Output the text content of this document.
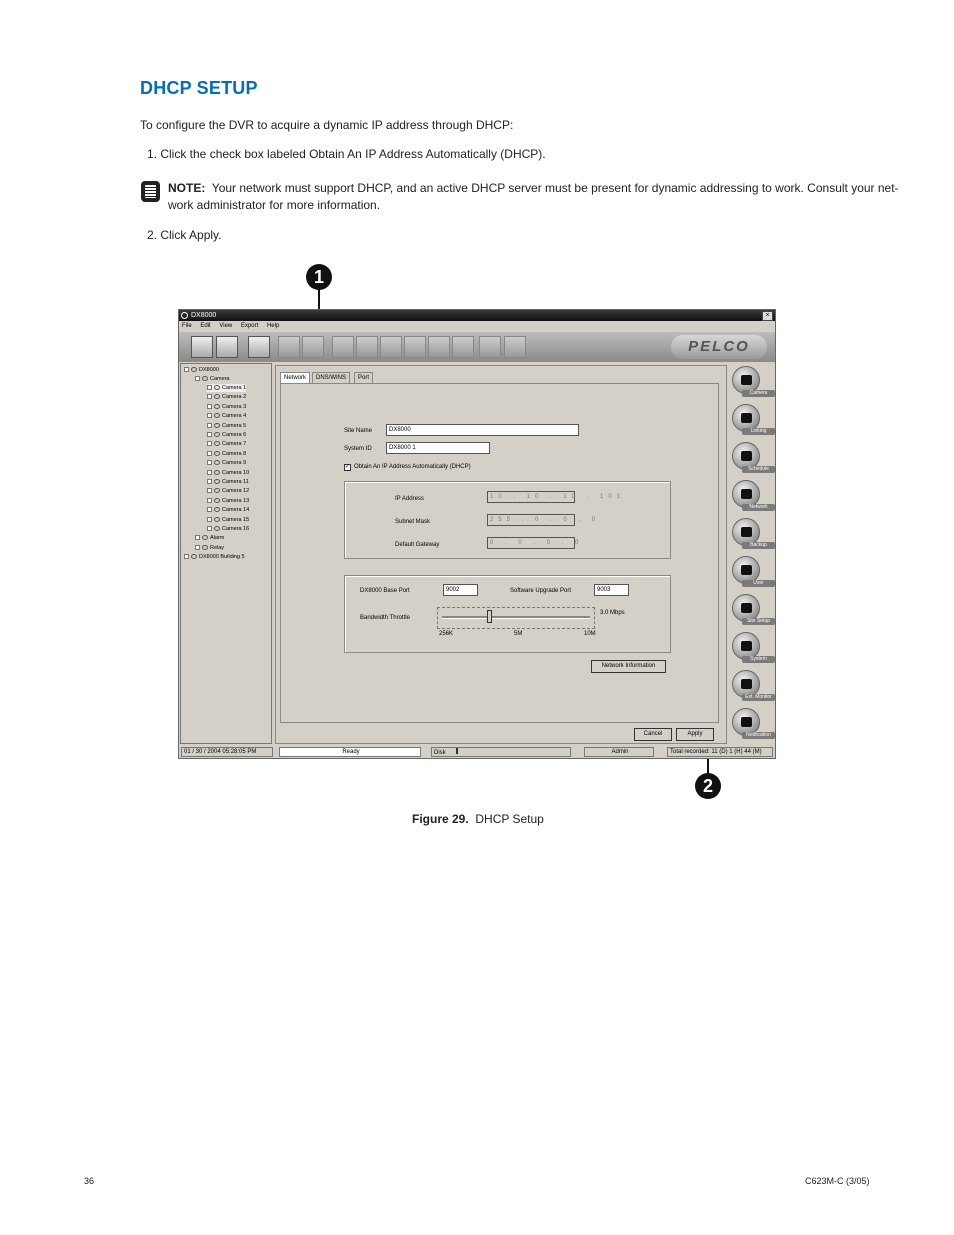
DHCP SETUP
To configure the DVR to acquire a dynamic IP address through DHCP:
1. Click the check box labeled Obtain An IP Address Automatically (DHCP).
NOTE: Your network must support DHCP, and an active DHCP server must be present for dynamic addressing to work. Consult your net-
work administrator for more information.
2. Click Apply.
1
2
DX8000	×
File Edit View Export Help
PELCO
DX8000
Camera
Camera 1
Camera 2
Camera 3
Camera 4
Camera 5
Camera 6
Camera 7
Camera 8
Camera 9
Camera 10
Camera 11
Camera 12
Camera 13
Camera 14
Camera 15
Camera 16
Alarm
Relay
DX8000 Building 5
Network	DNS/WINS	Port
Site Name	DX8000
System ID	DX8000 1
✓ Obtain An IP Address Automatically (DHCP)
IP Address	10 . 10 . 10 . 101
Subnet Mask	255 . 0 . 0 . 0
Default Gateway	0 . 0 . 0 . 0
DX8000 Base Port	9002	Software Upgrade Port	9003
Bandwidth Throttle
3.0 Mbps
256K	5M	10M
Network Information
Cancel	Apply
Camera
Linking
Schedule
Network
Backup
User
Site Setup
System
Ext. Monitor
Notification
01 / 30 / 2004 05:28:05 PM	Ready	Disk	Admin	Total recorded: 11 (D) 1 (H) 44 (M)
Figure 29. DHCP Setup
36	C623M-C (3/05)
